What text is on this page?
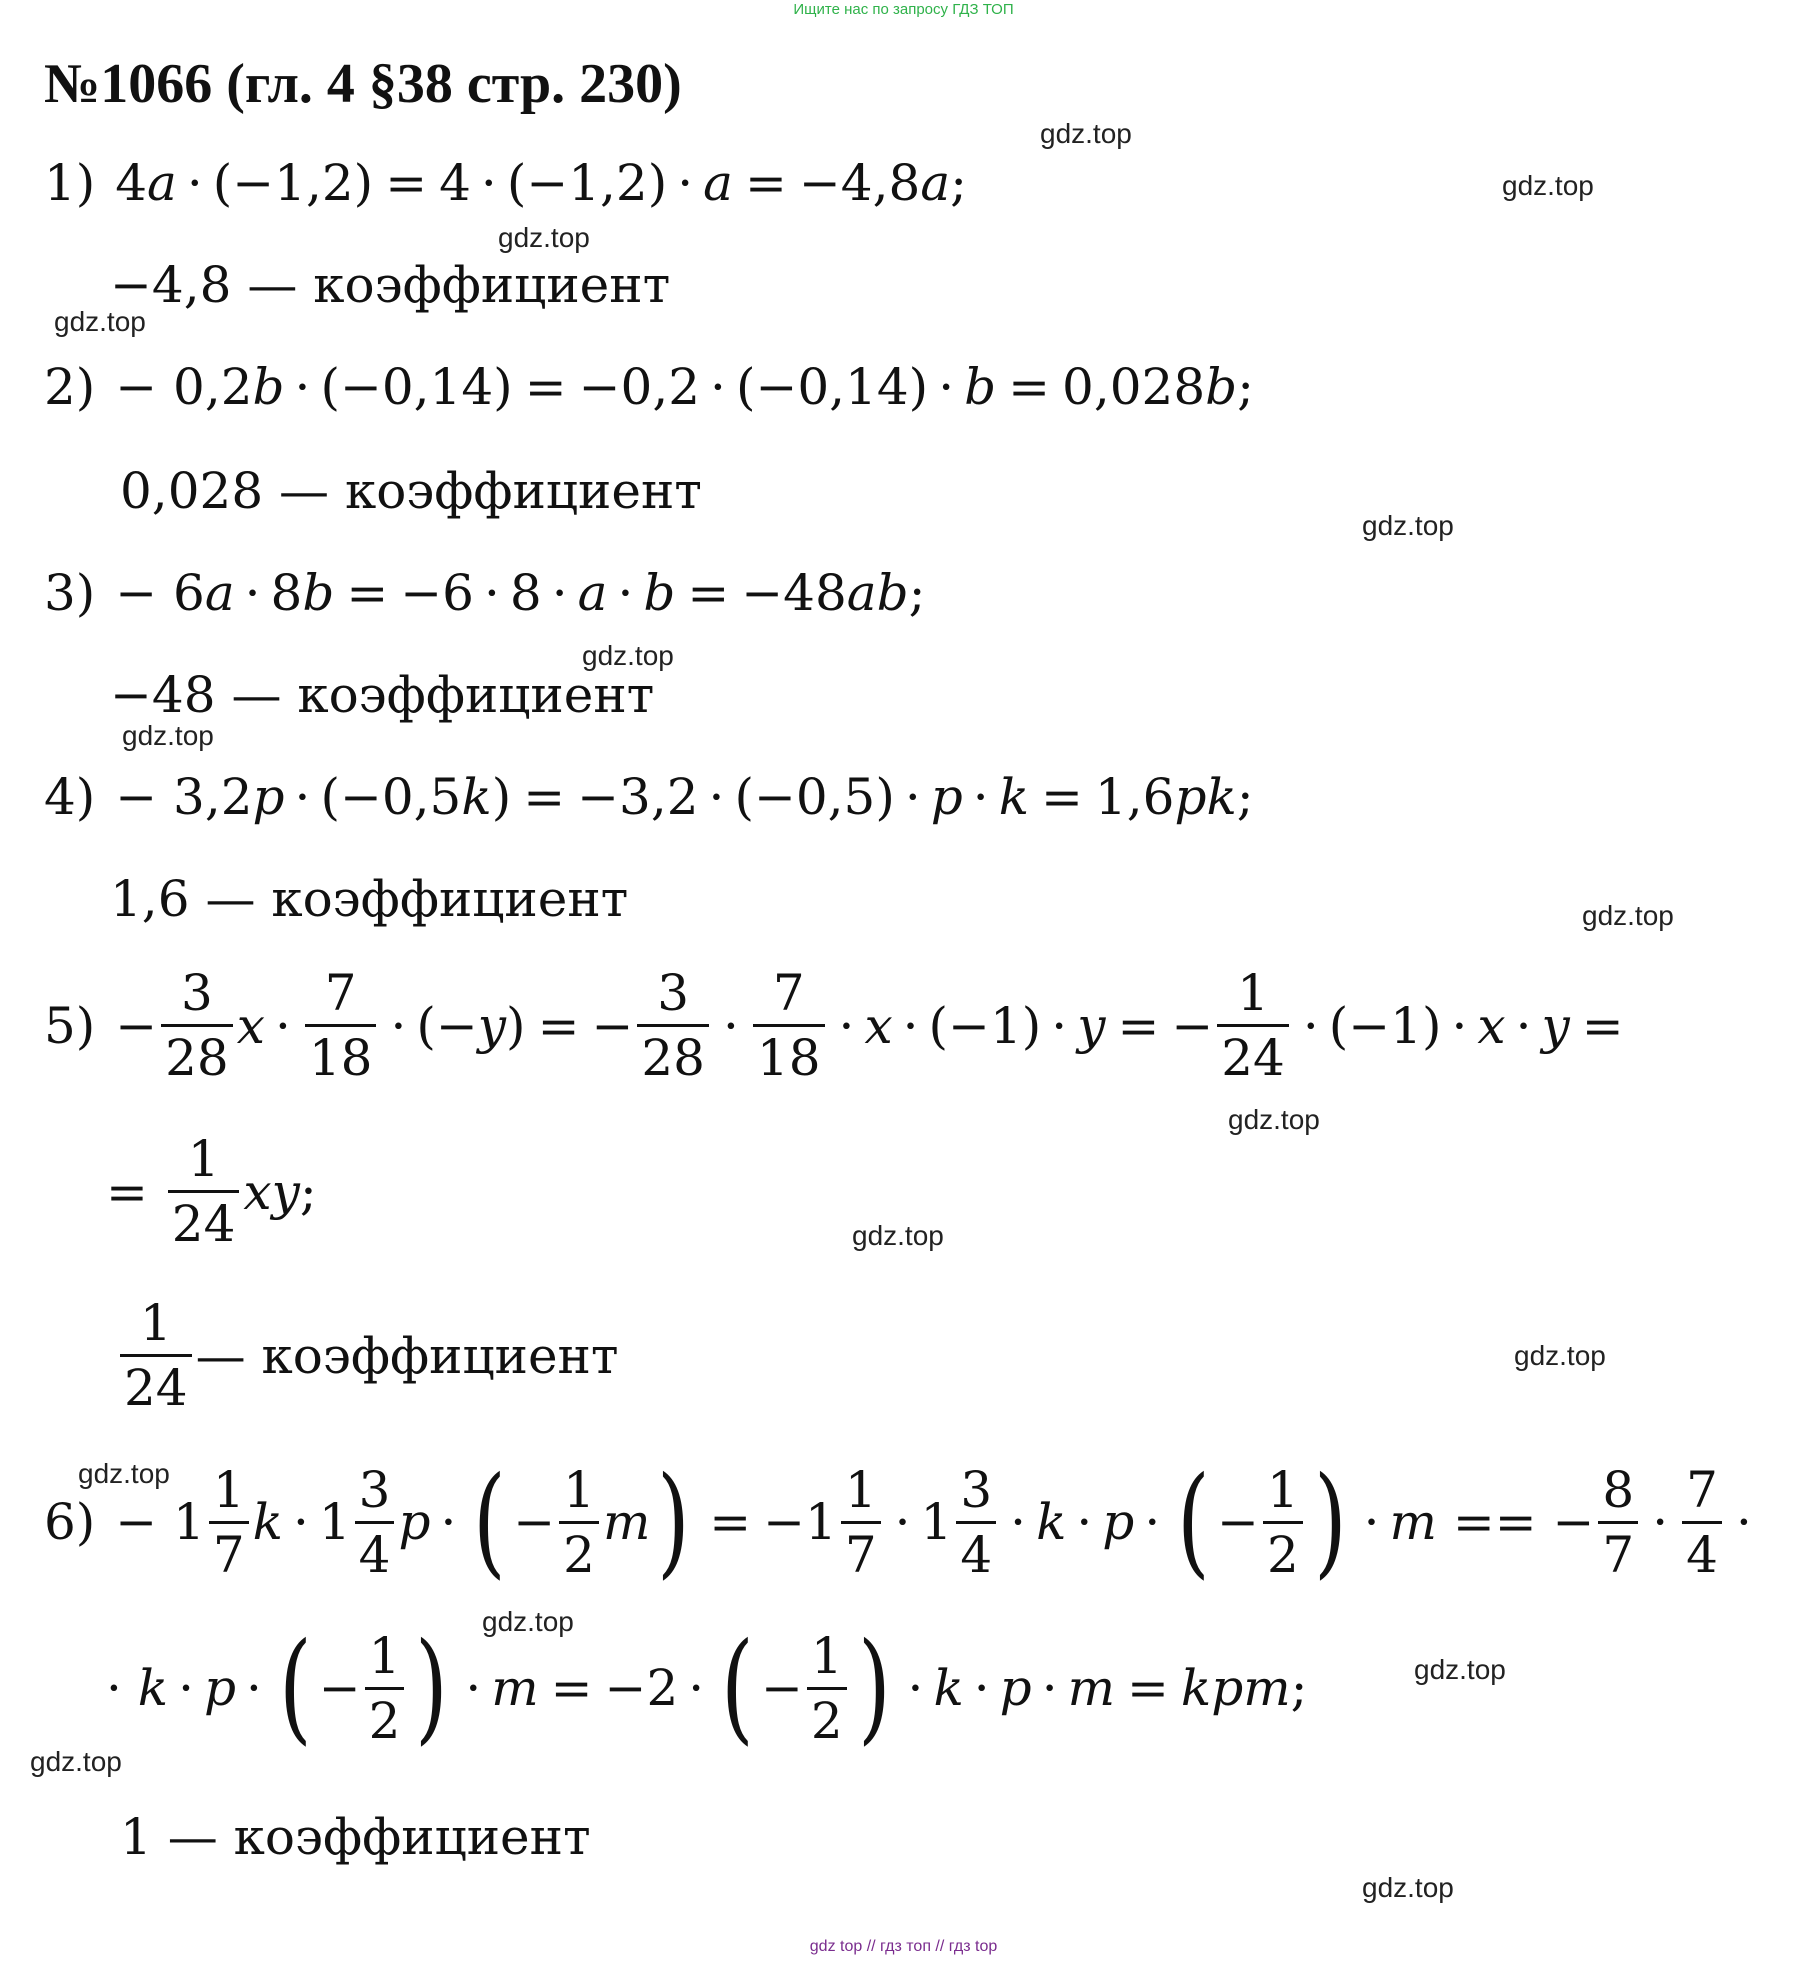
Ищите нас по запросу ГДЗ ТОП
№1066 (гл. 4 §38 стр. 230)
1) 4a · (−1,2) = 4 · (−1,2) · a = −4,8a;
−4,8
— коэффициент
2) − 0,2b · (−0,14) = −0,2 · (−0,14) · b = 0,028b;
0,028
— коэффициент
3) − 6a · 8b = −6 · 8 · a · b = −48ab;
−48
— коэффициент
4) − 3,2p · (−0,5k) = −3,2 · (−0,5) · p · k = 1,6pk;
1,6
— коэффициент
$5) - \frac{3}{28}$ $x \cdot \frac{7}{18}$ · (− y ) = − $\frac{3}{28} \cdot \frac{7}{18} \cdot x \cdot (-1) \cdot y$ = − $\frac{1}{24} \cdot (-1) \cdot x \cdot y$ =
= $\frac{1}{24}$ xy ;
$\frac{1}{24}$ — коэффициент
$6) - 1 \frac{1}{7}$ $k \cdot 1 \frac{3}{4}$ p · ( − $\frac{1}{2}$ m ) = $-1 \frac{1}{7} \cdot 1 \frac{3}{4} \cdot k \cdot p$ · ( − $\frac{1}{2}$ ) · m == − $\frac{8}{7} \cdot \frac{7}{4}$ ·
· k · p · ( − $\frac{1}{2}$ ) · m = −2 · ( − $\frac{1}{2}$ ) · k · p · m = kpm ;
1
— коэффициент
gdz.top
gdz.top
gdz.top
gdz.top
gdz.top
gdz.top
gdz.top
gdz.top
gdz.top
gdz.top
gdz.top
gdz.top
gdz.top
gdz.top
gdz.top
gdz.top
gdz top // гдз топ // гдз top
